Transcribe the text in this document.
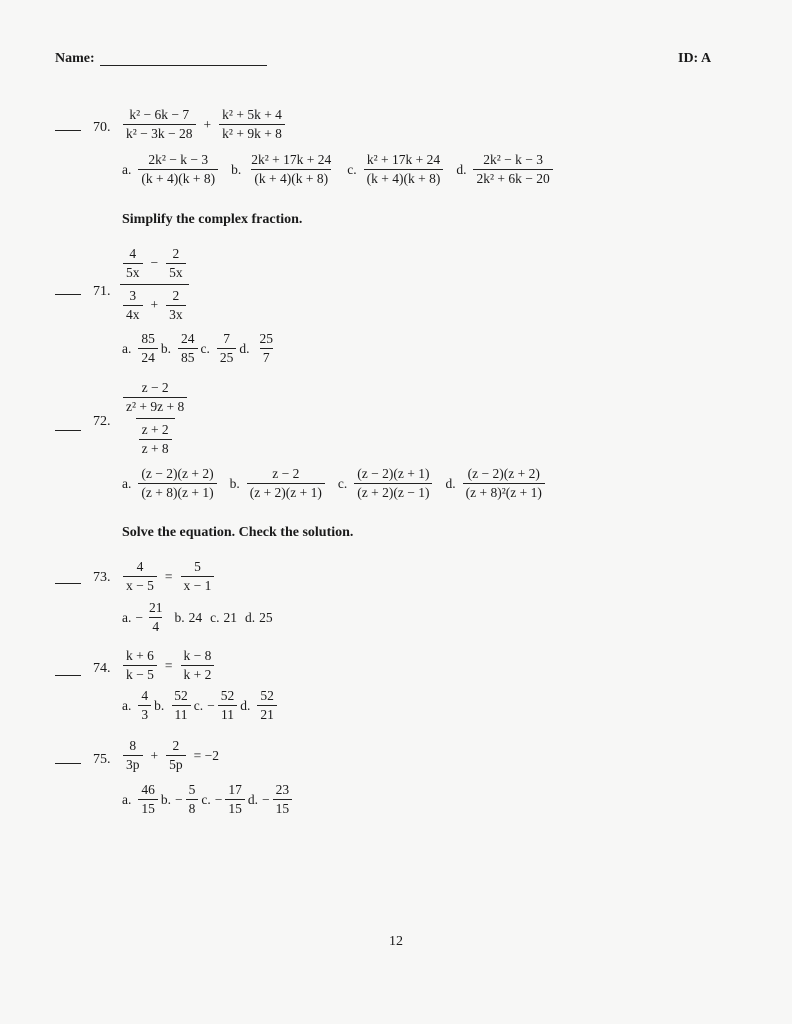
Name:	ID: A
70. $\frac{\text{k² − 6k − 7}}{\text{k² − 3k − 28}} + \frac{\text{k² + 5k + 4}}{\text{k² + 9k + 8}}$
a. $\frac{\text{2k² − k − 3}}{(k + 4)(k + 8)} b$. $\frac{\text{2k² + 17k + 24}}{(k + 4)(k + 8)} c$. $\frac{\text{k² + 17k + 24}}{(k + 4)(k + 8)} d$. $\frac{\text{2k² − k − 3}}{\text{2k² + 6k − 20}}$
Simplify the complex fraction.
71.
$\frac{4}{5x} - \frac{2}{5x}$
$\frac{3}{4x} + \frac{2}{3x}$
a. $\frac{85}{24} b$. $\frac{24}{85} c$. $\frac{7}{25} d$. $\frac{25}{7}$
72.
$\frac{z - 2}{\text{z² + 9z + 8}}$
$\frac{z + 2}{z + 8}$
a. $\frac{(z - 2)(z + 2)}{(z + 8)(z + 1)} b$. $\frac{z - 2}{(z + 2)(z + 1)} c$. $\frac{(z - 2)(z + 1)}{(z + 2)(z - 1)} d$. $\frac{(z - 2)(z + 2)}{\text{(z + 8)²(z + 1)}}$
Solve the equation. Check the solution.
73. $\frac{4}{x - 5} = \frac{5}{x - 1}$
a. − $\frac{21}{4} b$. 24 c. 21 d. 25
74. $\frac{k + 6}{k - 5} = \frac{k - 8}{k + 2}$
a. $\frac{4}{3} b$. $\frac{52}{11} c$. − $\frac{52}{11} d$. $\frac{52}{21}$
75. $\frac{8}{3p} + \frac{2}{5p} = -2$
a. $\frac{46}{15} b$. − $\frac{5}{8} c$. − $\frac{17}{15} d$. − $\frac{23}{15}$
12
